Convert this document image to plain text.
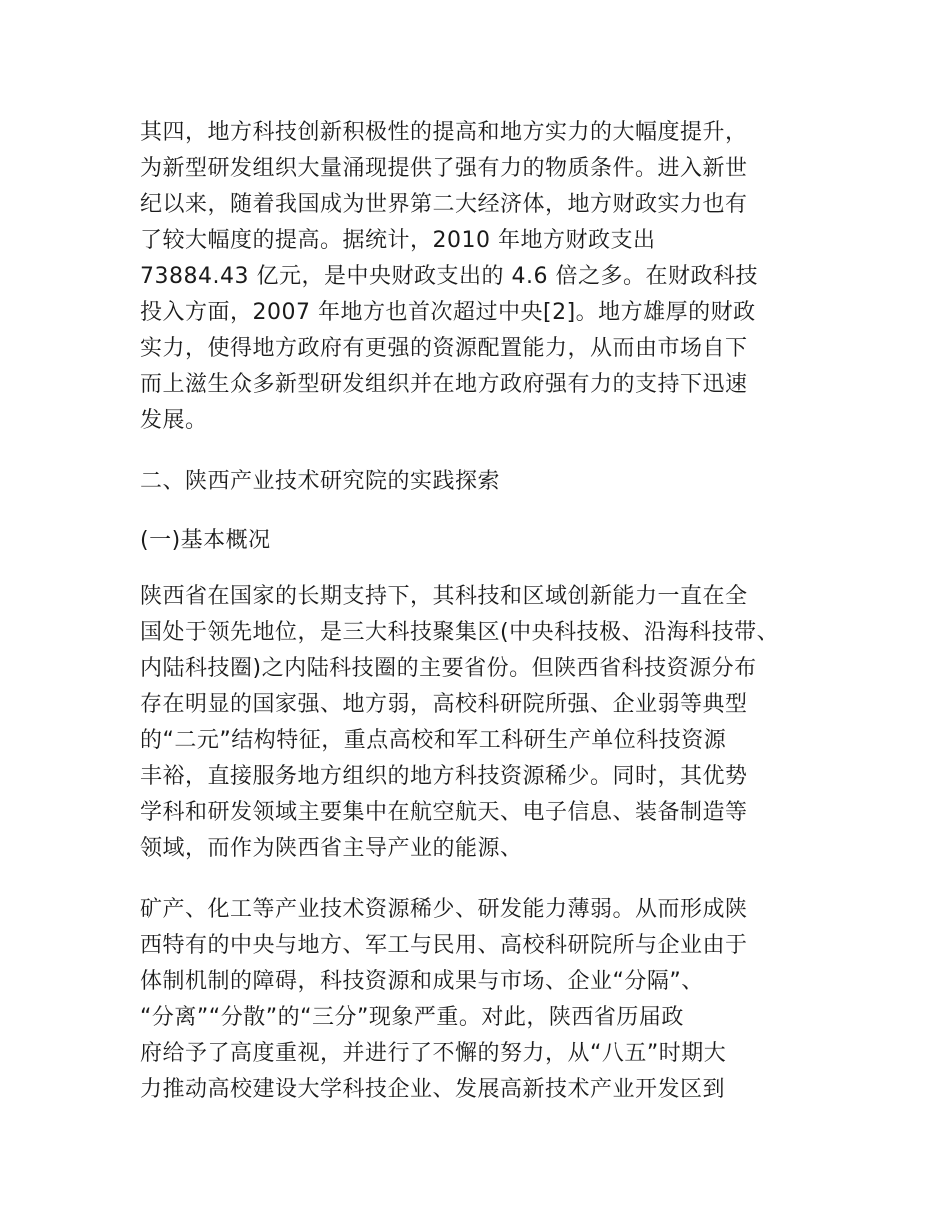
其四，地方科技创新积极性的提高和地方实力的大幅度提升，
为新型研发组织大量涌现提供了强有力的物质条件。进入新世
纪以来，随着我国成为世界第二大经济体，地方财政实力也有
了较大幅度的提高。据统计，2010 年地方财政支出
73884.43 亿元，是中央财政支出的 4.6 倍之多。在财政科技
投入方面，2007 年地方也首次超过中央[2]。地方雄厚的财政
实力，使得地方政府有更强的资源配置能力，从而由市场自下
而上滋生众多新型研发组织并在地方政府强有力的支持下迅速
发展。
二、陕西产业技术研究院的实践探索
(一)基本概况
陕西省在国家的长期支持下，其科技和区域创新能力一直在全
国处于领先地位，是三大科技聚集区(中央科技极、沿海科技带、
内陆科技圈)之内陆科技圈的主要省份。但陕西省科技资源分布
存在明显的国家强、地方弱，高校科研院所强、企业弱等典型
的“二元”结构特征，重点高校和军工科研生产单位科技资源
丰裕，直接服务地方组织的地方科技资源稀少。同时，其优势
学科和研发领域主要集中在航空航天、电子信息、装备制造等
领域，而作为陕西省主导产业的能源、
矿产、化工等产业技术资源稀少、研发能力薄弱。从而形成陕
西特有的中央与地方、军工与民用、高校科研院所与企业由于
体制机制的障碍，科技资源和成果与市场、企业“分隔”、
“分离”“分散”的“三分”现象严重。对此，陕西省历届政
府给予了高度重视，并进行了不懈的努力，从“八五”时期大
力推动高校建设大学科技企业、发展高新技术产业开发区到
